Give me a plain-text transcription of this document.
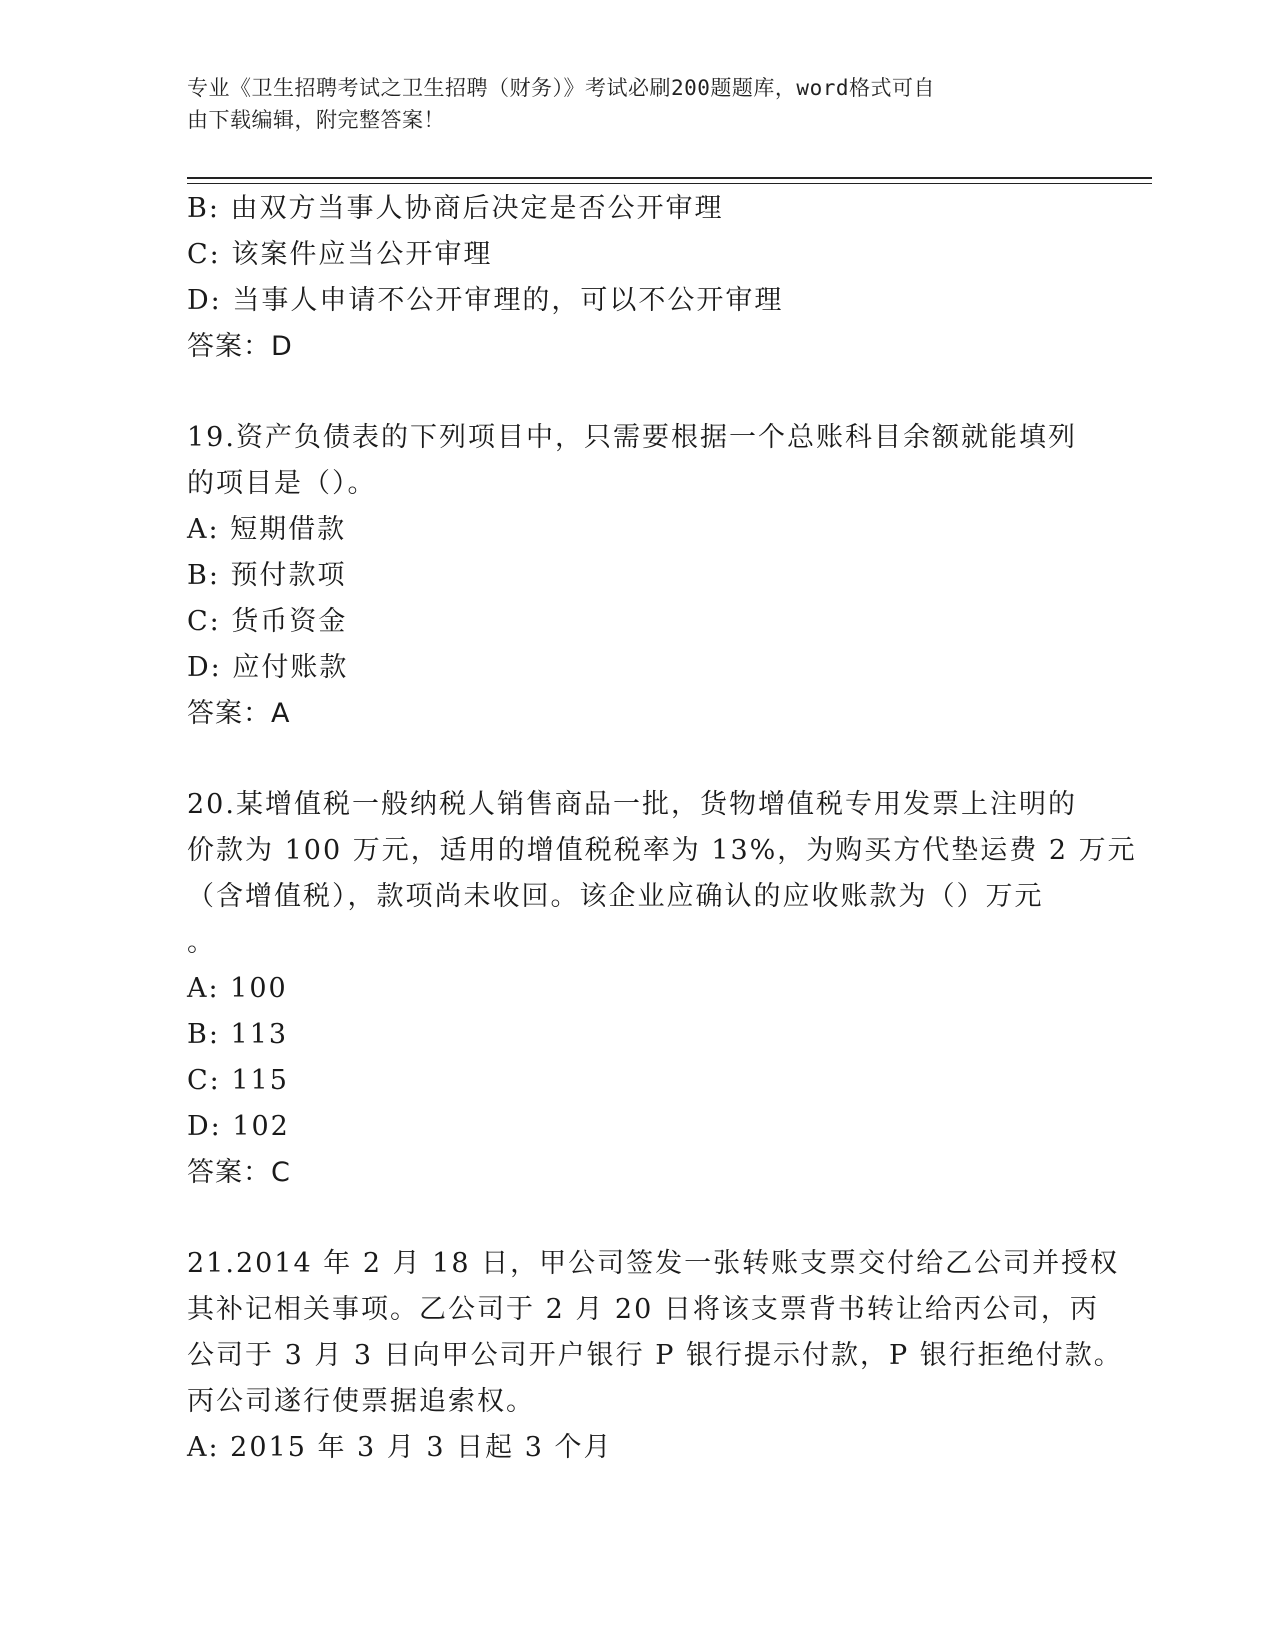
专业《卫生招聘考试之卫生招聘（财务）》考试必刷200题题库，word格式可自
由下载编辑，附完整答案！
B: 由双方当事人协商后决定是否公开审理
C: 该案件应当公开审理
D: 当事人申请不公开审理的，可以不公开审理
答案：D
19.资产负债表的下列项目中，只需要根据一个总账科目余额就能填列
的项目是（）。
A: 短期借款
B: 预付款项
C: 货币资金
D: 应付账款
答案：A
20.某增值税一般纳税人销售商品一批，货物增值税专用发票上注明的
价款为 100 万元，适用的增值税税率为 13%，为购买方代垫运费 2 万元
（含增值税），款项尚未收回。该企业应确认的应收账款为（）万元
。
A: 100
B: 113
C: 115
D: 102
答案：C
21.2014 年 2 月 18 日，甲公司签发一张转账支票交付给乙公司并授权
其补记相关事项。乙公司于 2 月 20 日将该支票背书转让给丙公司，丙
公司于 3 月 3 日向甲公司开户银行 P 银行提示付款，P 银行拒绝付款。
丙公司遂行使票据追索权。
A: 2015 年 3 月 3 日起 3 个月
